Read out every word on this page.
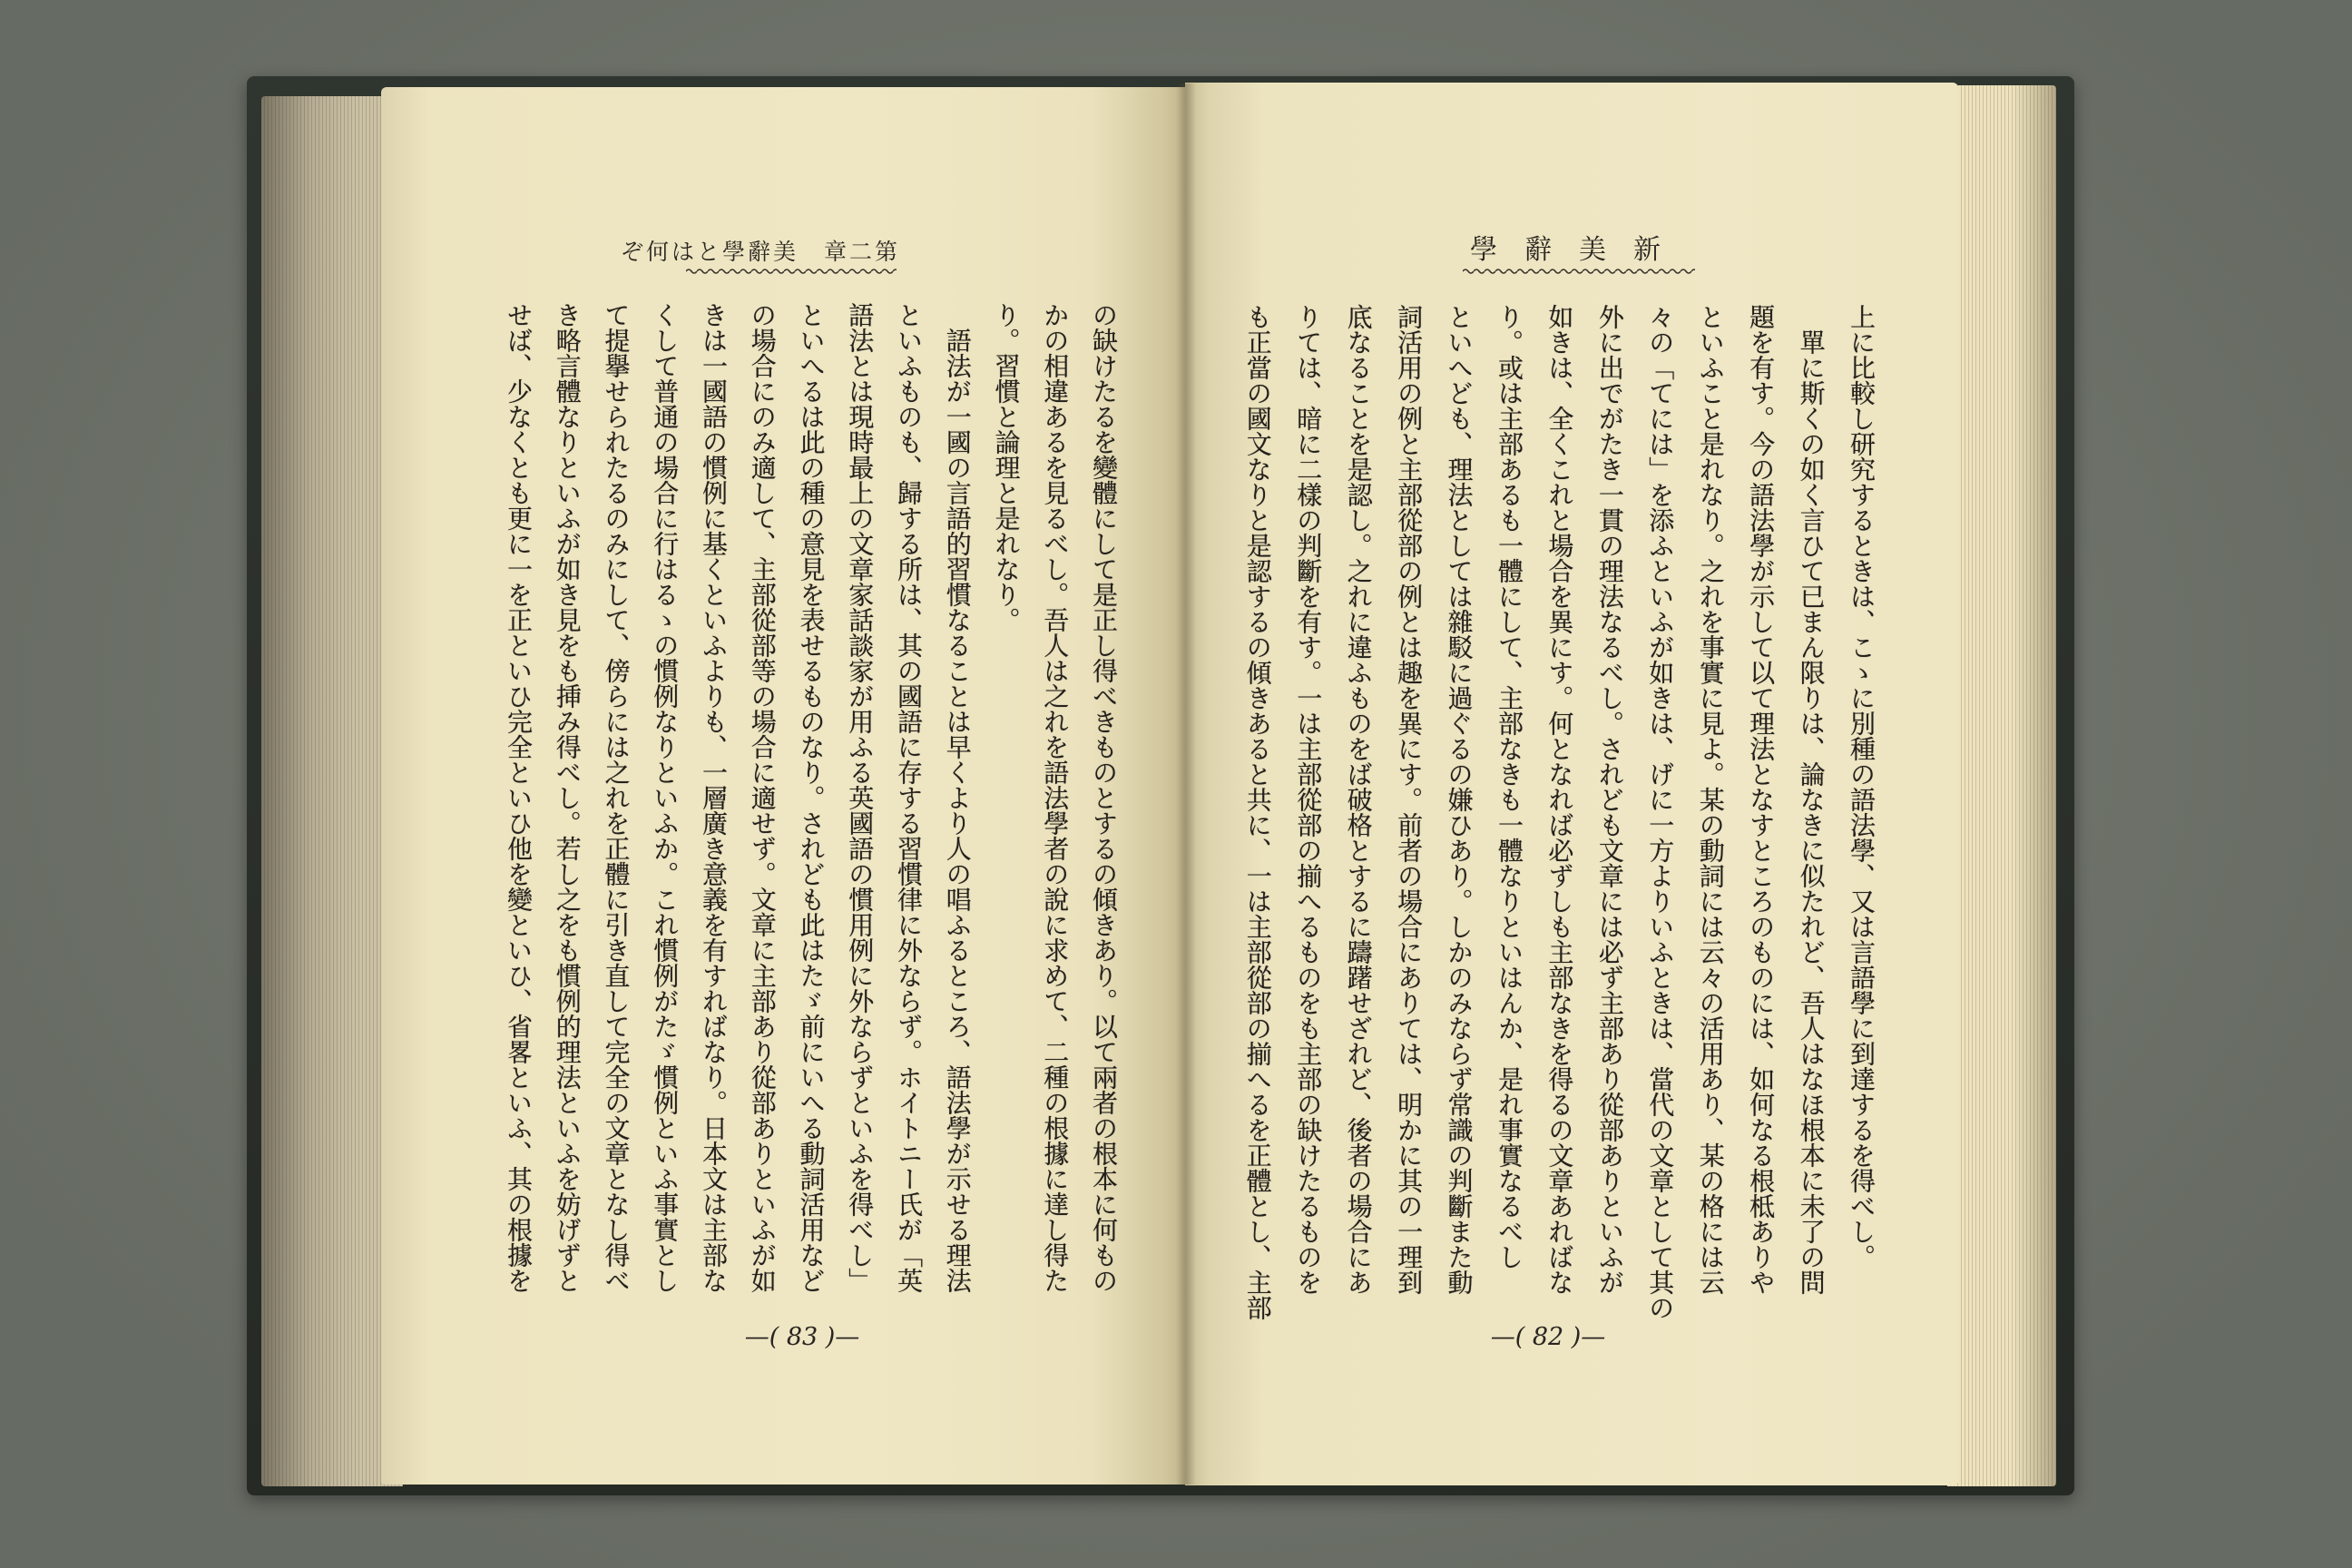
第二章　美辭學とは何ぞ	新美辭學
の缺けたるを變體にして是正し得べきものとするの傾きあり。以て兩者の根本に何もの
かの相違あるを見るべし。吾人は之れを語法學者の說に求めて、二種の根據に達し得た
り。習慣と論理と是れなり。
語法が一國の言語的習慣なることは早くより人の唱ふるところ、語法學が示せる理法
といふものも、歸する所は、其の國語に存する習慣律に外ならず。ホイトニー氏が「英
語法とは現時最上の文章家話談家が用ふる英國語の慣用例に外ならずといふを得べし」
といへるは此の種の意見を表せるものなり。されども此はたゞ前にいへる動詞活用など
の場合にのみ適して、主部從部等の場合に適せず。文章に主部あり從部ありといふが如
きは一國語の慣例に基くといふよりも、一層廣き意義を有すればなり。日本文は主部な
くして普通の場合に行はるゝの慣例なりといふか。これ慣例がたゞ慣例といふ事實とし
て提擧せられたるのみにして、傍らには之れを正體に引き直して完全の文章となし得べ
き略言體なりといふが如き見をも挿み得べし。若し之をも慣例的理法といふを妨げずと
せば、少なくとも更に一を正といひ完全といひ他を變といひ、省畧といふ、其の根據を	上に比較し研究するときは、こゝに別種の語法學、又は言語學に到達するを得べし。
單に斯くの如く言ひて已まん限りは、論なきに似たれど、吾人はなほ根本に未了の問
題を有す。今の語法學が示して以て理法となすところのものには、如何なる根柢ありや
といふこと是れなり。之れを事實に見よ。某の動詞には云々の活用あり、某の格には云
々の「てには」を添ふといふが如きは、げに一方よりいふときは、當代の文章として其の
外に出でがたき一貫の理法なるべし。されども文章には必ず主部あり從部ありといふが
如きは、全くこれと場合を異にす。何となれば必ずしも主部なきを得るの文章あればな
り。或は主部あるも一體にして、主部なきも一體なりといはんか、是れ事實なるべし
といへども、理法としては雜駁に過ぐるの嫌ひあり。しかのみならず常識の判斷また動
詞活用の例と主部從部の例とは趣を異にす。前者の場合にありては、明かに其の一理到
底なることを是認し。之れに違ふものをば破格とするに躊躇せざれど、後者の場合にあ
りては、暗に二樣の判斷を有す。一は主部從部の揃へるものをも主部の缺けたるものを
も正當の國文なりと是認するの傾きあると共に、一は主部從部の揃へるを正體とし、主部
—( 83 )—	—( 82 )—
